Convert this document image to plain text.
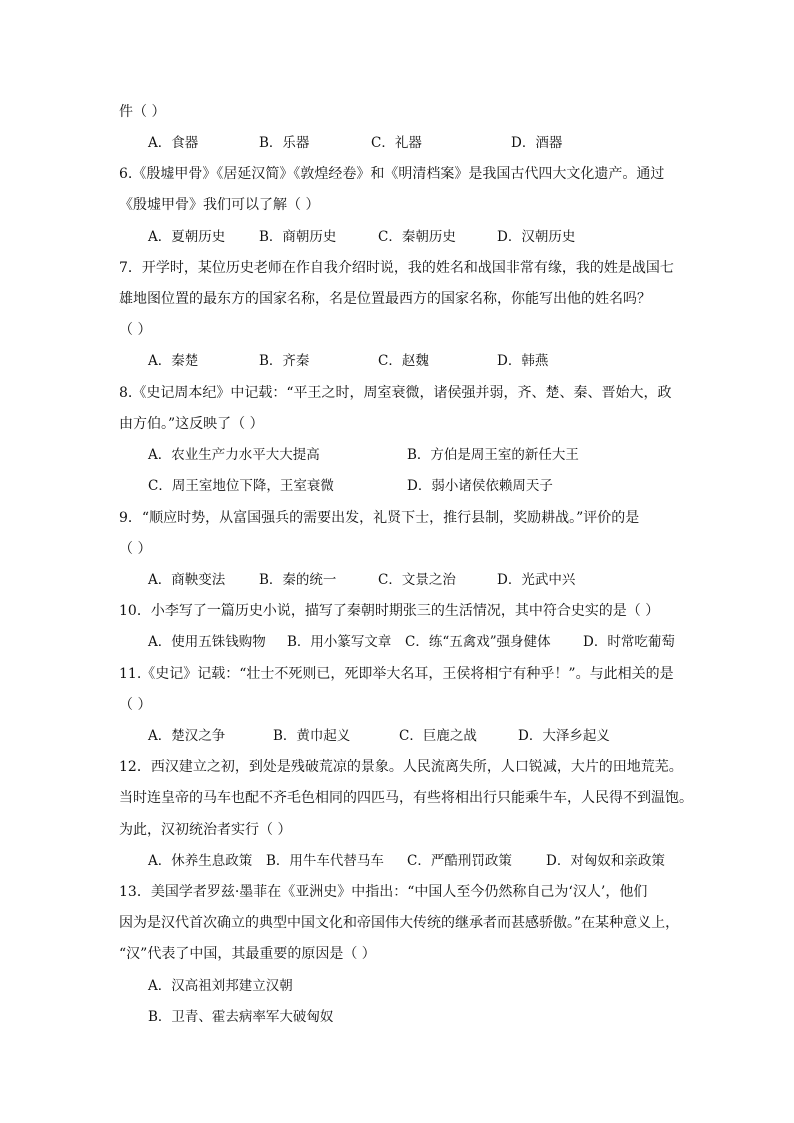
件（ ）
A．食器	B．乐器	C．礼器	D．酒器
6.《殷墟甲骨》《居延汉简》《敦煌经卷》和《明清档案》是我国古代四大文化遗产。通过
《殷墟甲骨》我们可以了解（ ）
A．夏朝历史	B．商朝历史	C．秦朝历史	D．汉朝历史
7．开学时，某位历史老师在作自我介绍时说，我的姓名和战国非常有缘，我的姓是战国七
雄地图位置的最东方的国家名称，名是位置最西方的国家名称，你能写出他的姓名吗？
（ ）
A．秦楚	B．齐秦	C．赵魏	D．韩燕
8.《史记周本纪》中记载：“平王之时，周室衰微，诸侯强并弱，齐、楚、秦、晋始大，政
由方伯。”这反映了（ ）
A．农业生产力水平大大提高	B．方伯是周王室的新任大王
C．周王室地位下降，王室衰微	D．弱小诸侯依赖周天子
9．“顺应时势，从富国强兵的需要出发，礼贤下士，推行县制，奖励耕战。”评价的是
（ ）
A．商鞅变法	B．秦的统一	C．文景之治	D．光武中兴
10．小李写了一篇历史小说，描写了秦朝时期张三的生活情况，其中符合史实的是（ ）
A．使用五铢钱购物 B．用小篆写文章 C．练“五禽戏”强身健体 D．时常吃葡萄
11.《史记》记载：“壮士不死则已，死即举大名耳，王侯将相宁有种乎！”。与此相关的是
（ ）
A．楚汉之争	B．黄巾起义	C．巨鹿之战	D．大泽乡起义
12．西汉建立之初，到处是残破荒凉的景象。人民流离失所，人口锐减，大片的田地荒芜。
当时连皇帝的马车也配不齐毛色相同的四匹马，有些将相出行只能乘牛车，人民得不到温饱。
为此，汉初统治者实行（ ）
A．休养生息政策 B．用牛车代替马车 C．严酷刑罚政策	D．对匈奴和亲政策
13．美国学者罗兹·墨菲在《亚洲史》中指出：“中国人至今仍然称自己为‘汉人’，他们
因为是汉代首次确立的典型中国文化和帝国伟大传统的继承者而甚感骄傲。”在某种意义上，
“汉”代表了中国，其最重要的原因是（ ）
A．汉高祖刘邦建立汉朝
B．卫青、霍去病率军大破匈奴
